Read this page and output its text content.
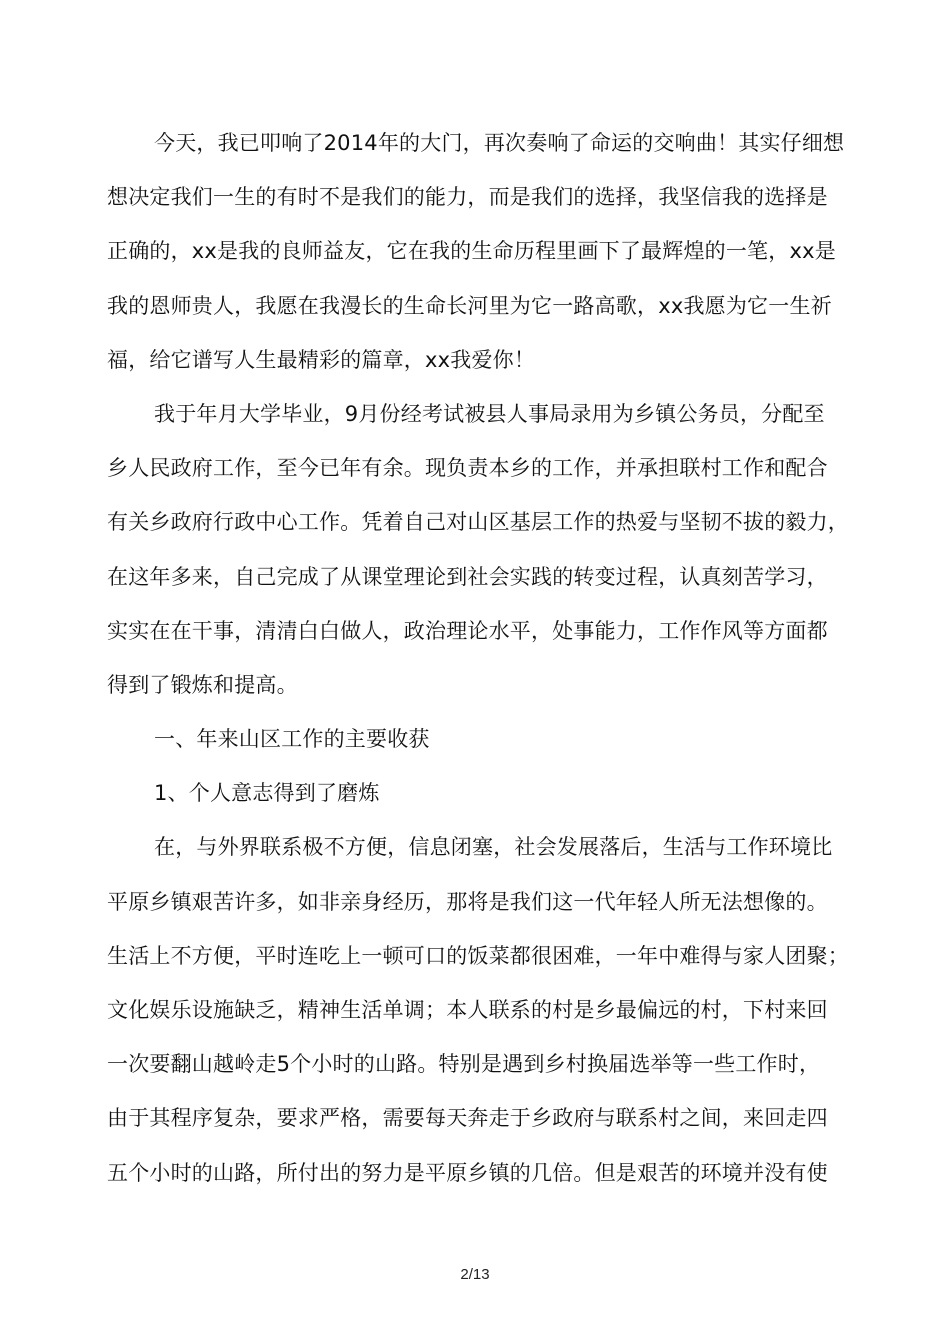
今天，我已叩响了2014年的大门，再次奏响了命运的交响曲！其实仔细想
想决定我们一生的有时不是我们的能力，而是我们的选择，我坚信我的选择是
正确的，xx是我的良师益友，它在我的生命历程里画下了最辉煌的一笔，xx是
我的恩师贵人，我愿在我漫长的生命长河里为它一路高歌，xx我愿为它一生祈
福，给它谱写人生最精彩的篇章，xx我爱你！
我于年月大学毕业，9月份经考试被县人事局录用为乡镇公务员，分配至
乡人民政府工作，至今已年有余。现负责本乡的工作，并承担联村工作和配合
有关乡政府行政中心工作。凭着自己对山区基层工作的热爱与坚韧不拔的毅力，
在这年多来，自己完成了从课堂理论到社会实践的转变过程，认真刻苦学习，
实实在在干事，清清白白做人，政治理论水平，处事能力，工作作风等方面都
得到了锻炼和提高。
一、年来山区工作的主要收获
1、个人意志得到了磨炼
在，与外界联系极不方便，信息闭塞，社会发展落后，生活与工作环境比
平原乡镇艰苦许多，如非亲身经历，那将是我们这一代年轻人所无法想像的。
生活上不方便，平时连吃上一顿可口的饭菜都很困难，一年中难得与家人团聚；
文化娱乐设施缺乏，精神生活单调；本人联系的村是乡最偏远的村，下村来回
一次要翻山越岭走5个小时的山路。特别是遇到乡村换届选举等一些工作时，
由于其程序复杂，要求严格，需要每天奔走于乡政府与联系村之间，来回走四
五个小时的山路，所付出的努力是平原乡镇的几倍。但是艰苦的环境并没有使
2/13
